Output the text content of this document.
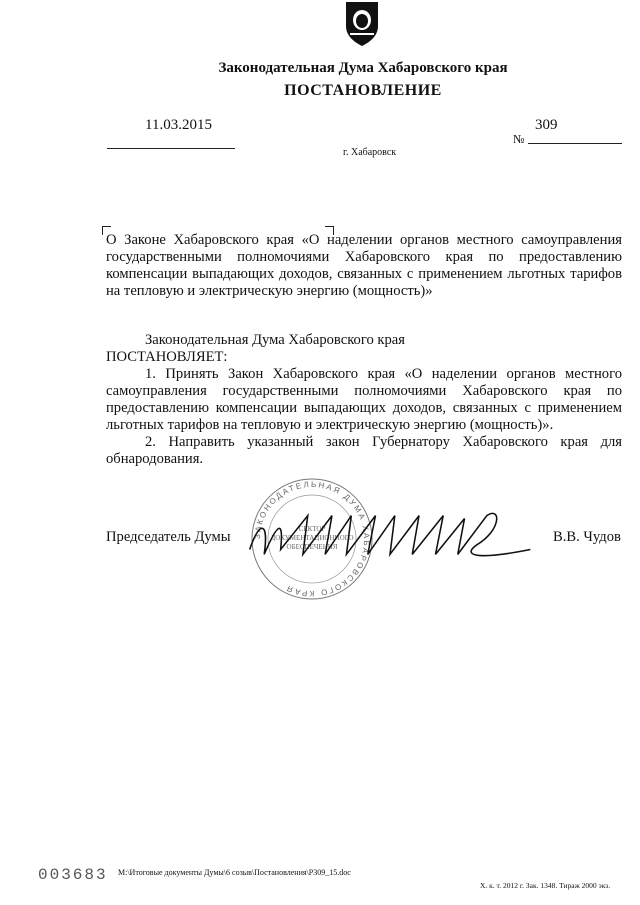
Законодательная Дума Хабаровского края
ПОСТАНОВЛЕНИЕ
11.03.2015	309
№
г. Хабаровск
О Законе Хабаровского края «О наделении органов местного самоуправления государственными полномочиями Хабаровского края по предоставлению компенсации выпадающих доходов, связанных с применением льготных тарифов на тепловую и электрическую энергию (мощность)»
Законодательная Дума Хабаровского края
ПОСТАНОВЛЯЕТ:
1. Принять Закон Хабаровского края «О наделении органов местного самоуправления государственными полномочиями Хабаровского края по предоставлению компенсации выпадающих доходов, связанных с применением льготных тарифов на тепловую и электрическую энергию (мощность)».
2. Направить указанный закон Губернатору Хабаровского края для обнародования.
ЗАКОНОДАТЕЛЬНАЯ ДУМА ХАБАРОВСКОГО КРАЯ
СЕКТОР
ДОКУМЕНТАЦИОННОГО
ОБЕСПЕЧЕНИЯ
Председатель Думы	В.В. Чудов
003683 M:\Итоговые документы Думы\6 созыв\Постановления\P309_15.doc
Х. к. т. 2012 г. Зак. 1348. Тираж 2000 экз.
